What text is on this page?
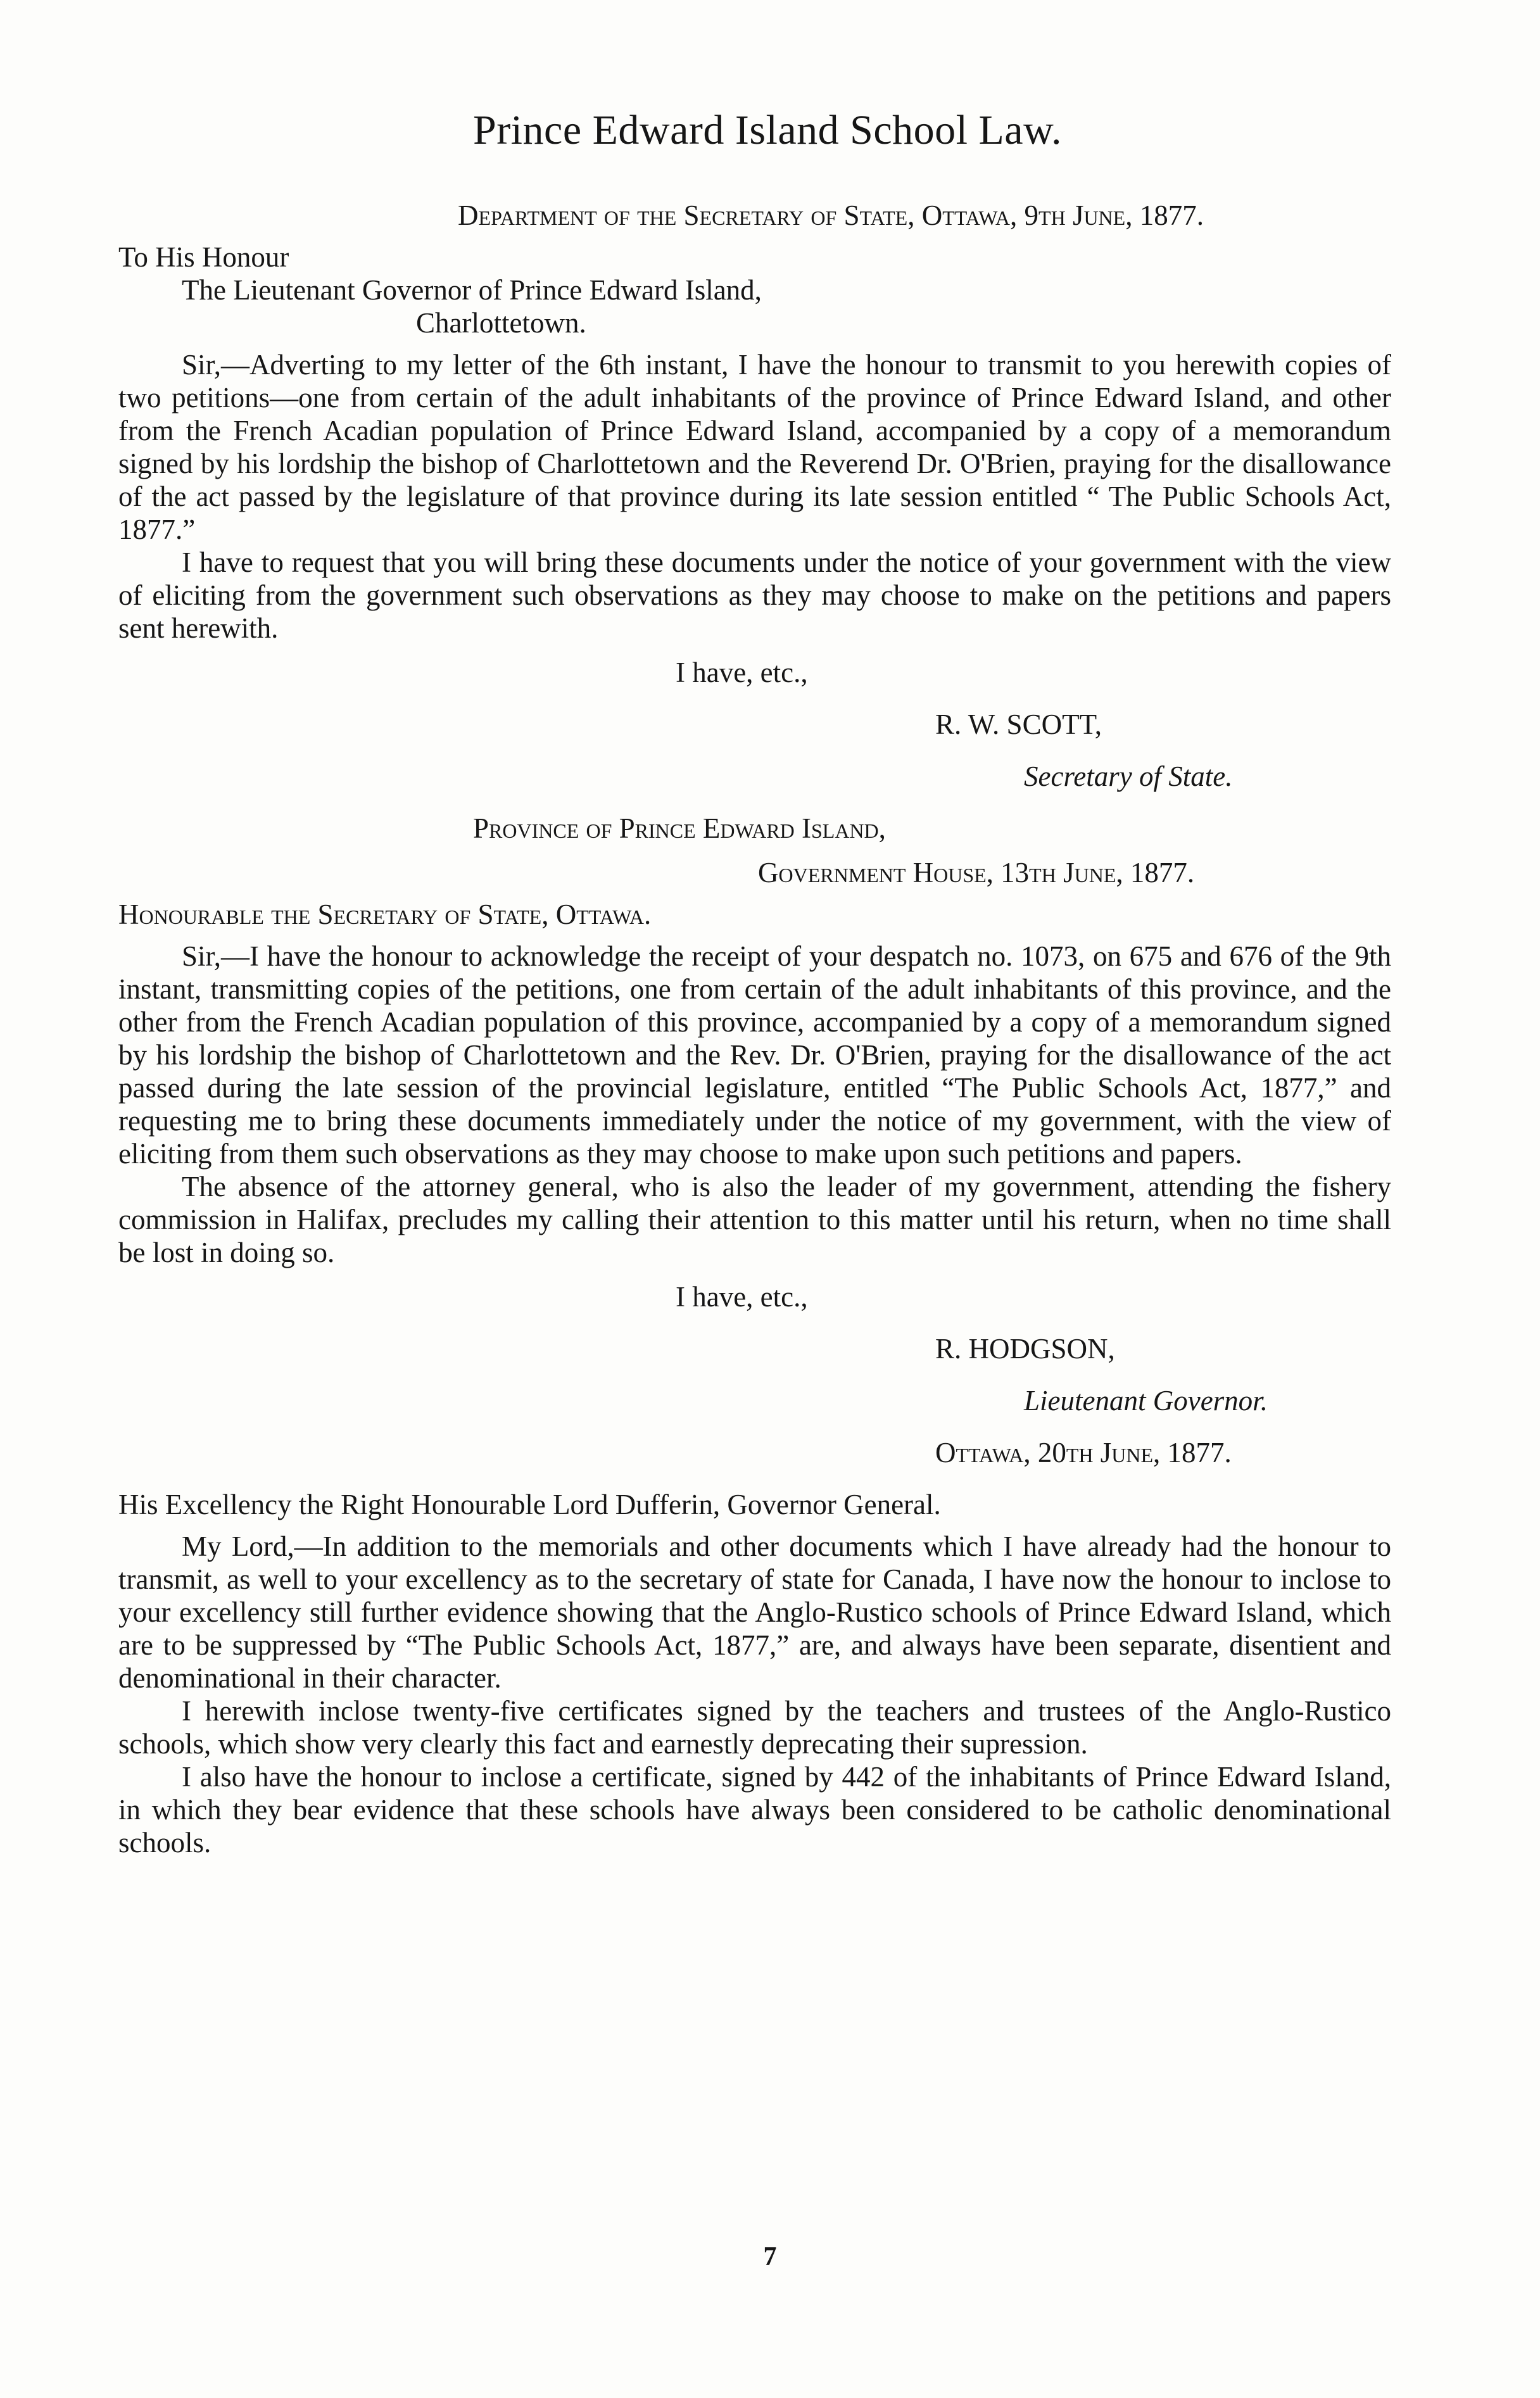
Prince Edward Island School Law.

Department of the Secretary of State, Ottawa, 9th June, 1877.

To His Honour

The Lieutenant Governor of Prince Edward Island,

Charlottetown.

Sir,—Adverting to my letter of the 6th instant, I have the honour to transmit to you herewith copies of two petitions—one from certain of the adult inhabitants of the province of Prince Edward Island, and other from the French Acadian population of Prince Edward Island, accompanied by a copy of a memorandum signed by his lordship the bishop of Charlottetown and the Reverend Dr. O'Brien, praying for the disallowance of the act passed by the legislature of that province during its late session entitled “ The Public Schools Act, 1877.”

I have to request that you will bring these documents under the notice of your government with the view of eliciting from the government such observations as they may choose to make on the petitions and papers sent herewith.

I have, etc.,

R. W. SCOTT,

Secretary of State.

Province of Prince Edward Island,

Government House, 13th June, 1877.

Honourable the Secretary of State, Ottawa.

Sir,—I have the honour to acknowledge the receipt of your despatch no. 1073, on 675 and 676 of the 9th instant, transmitting copies of the petitions, one from certain of the adult inhabitants of this province, and the other from the French Acadian population of this province, accompanied by a copy of a memorandum signed by his lordship the bishop of Charlottetown and the Rev. Dr. O'Brien, praying for the disallowance of the act passed during the late session of the provincial legislature, entitled “The Public Schools Act, 1877,” and requesting me to bring these documents immediately under the notice of my government, with the view of eliciting from them such observations as they may choose to make upon such petitions and papers.

The absence of the attorney general, who is also the leader of my government, attending the fishery commission in Halifax, precludes my calling their attention to this matter until his return, when no time shall be lost in doing so.

I have, etc.,

R. HODGSON,

Lieutenant Governor.

Ottawa, 20th June, 1877.

His Excellency the Right Honourable Lord Dufferin, Governor General.

My Lord,—In addition to the memorials and other documents which I have already had the honour to transmit, as well to your excellency as to the secretary of state for Canada, I have now the honour to inclose to your excellency still further evidence showing that the Anglo-Rustico schools of Prince Edward Island, which are to be suppressed by “The Public Schools Act, 1877,” are, and always have been separate, disentient and denominational in their character.

I herewith inclose twenty-five certificates signed by the teachers and trustees of the Anglo-Rustico schools, which show very clearly this fact and earnestly deprecating their supression.

I also have the honour to inclose a certificate, signed by 442 of the inhabitants of Prince Edward Island, in which they bear evidence that these schools have always been considered to be catholic denominational schools.

7
